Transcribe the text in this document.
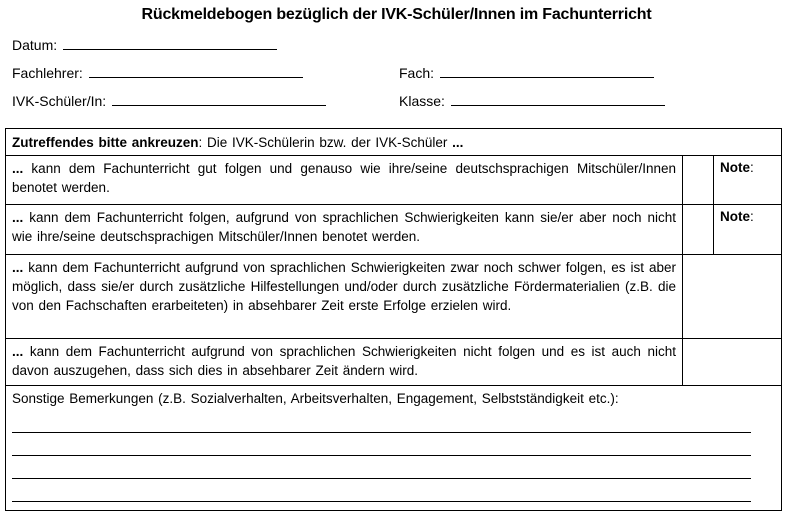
Rückmeldebogen bezüglich der IVK-Schüler/Innen im Fachunterricht
Datum:
Fachlehrer:	Fach:
IVK-Schüler/In:	Klasse:
Zutreffendes bitte ankreuzen: Die IVK-Schülerin bzw. der IVK-Schüler ...
... kann dem Fachunterricht gut folgen und genauso wie ihre/seine deutschsprachigen Mitschüler/Innen benotet werden.
Note:
... kann dem Fachunterricht folgen, aufgrund von sprachlichen Schwierigkeiten kann sie/er aber noch nicht wie ihre/seine deutschsprachigen Mitschüler/Innen benotet werden.
Note:
... kann dem Fachunterricht aufgrund von sprachlichen Schwierigkeiten zwar noch schwer folgen, es ist aber möglich, dass sie/er durch zusätzliche Hilfestellungen und/oder durch zusätzliche Fördermaterialien (z.B. die von den Fachschaften erarbeiteten) in absehbarer Zeit erste Erfolge erzielen wird.
... kann dem Fachunterricht aufgrund von sprachlichen Schwierigkeiten nicht folgen und es ist auch nicht davon auszugehen, dass sich dies in absehbarer Zeit ändern wird.
Sonstige Bemerkungen (z.B. Sozialverhalten, Arbeitsverhalten, Engagement, Selbstständigkeit etc.):
